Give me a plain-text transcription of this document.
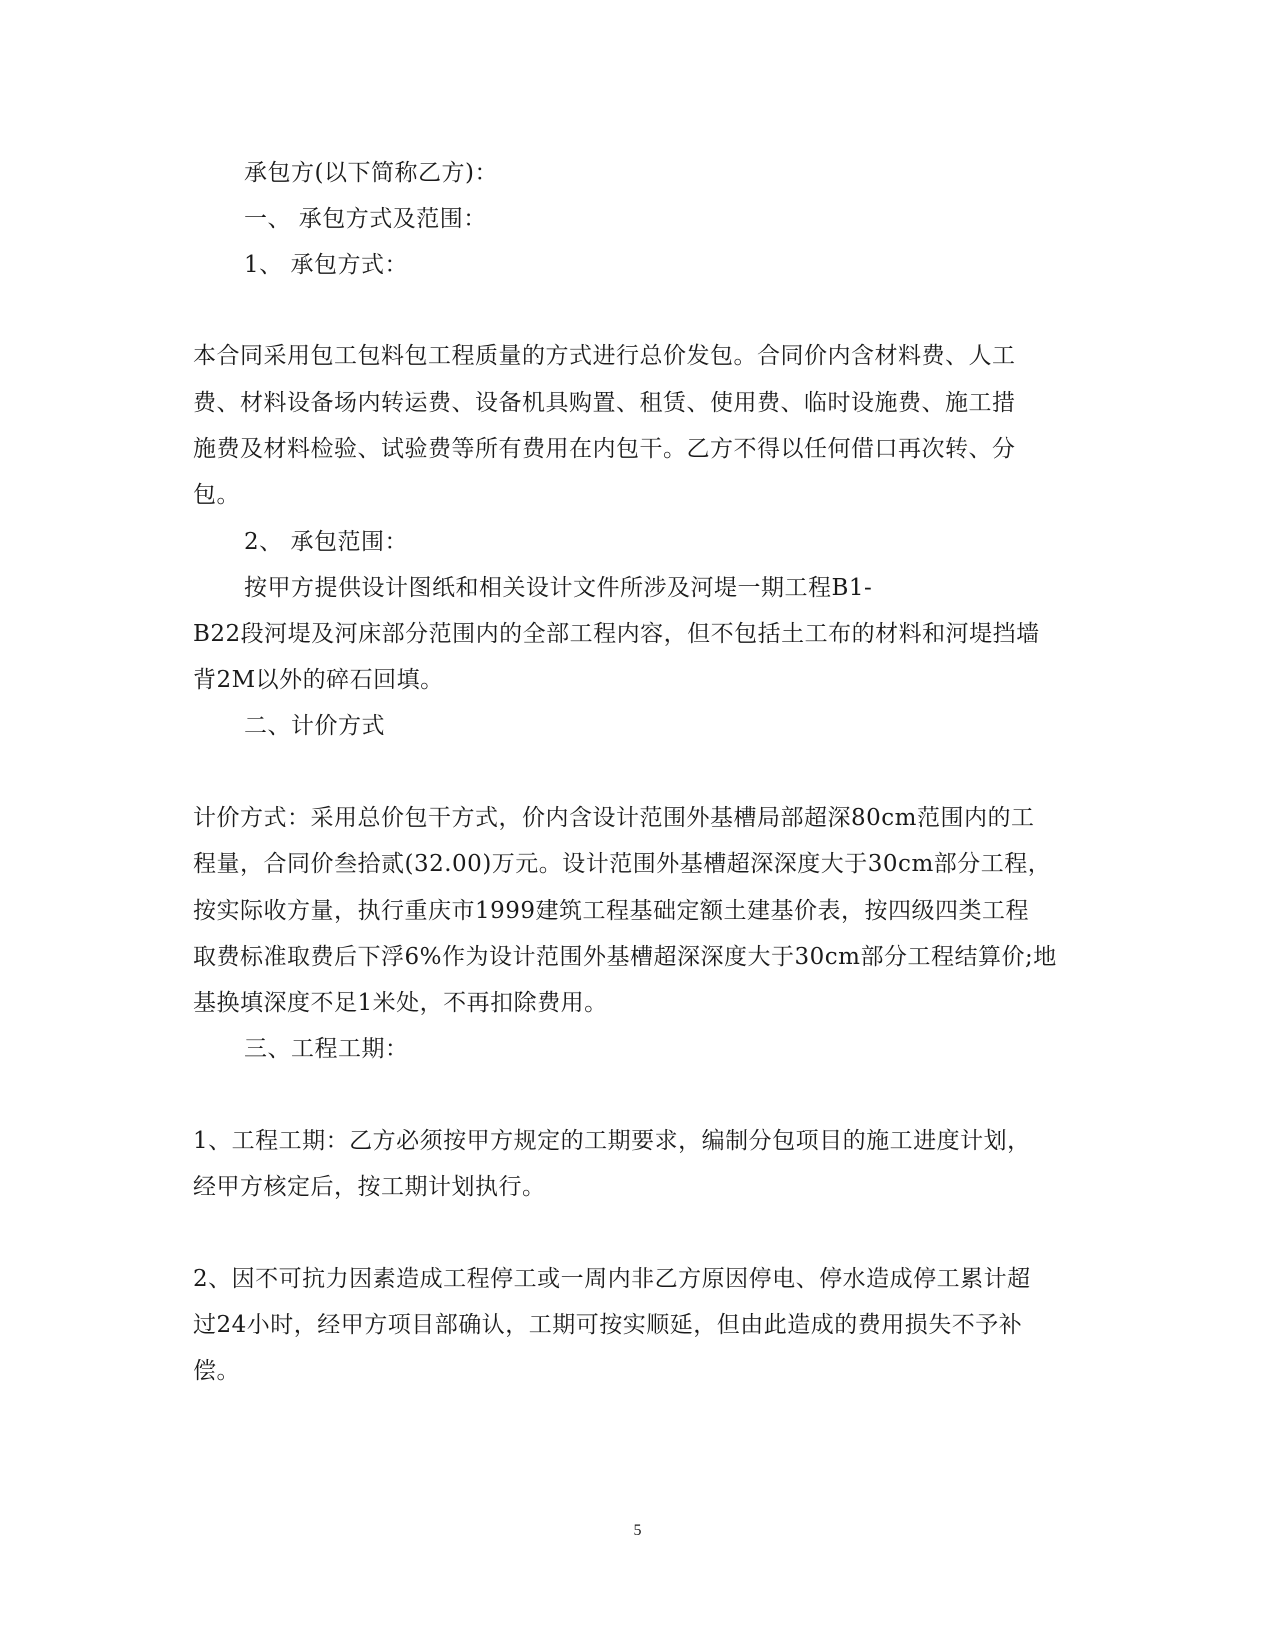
承包方(以下简称乙方)：
一、 承包方式及范围：
1、 承包方式：
本合同采用包工包料包工程质量的方式进行总价发包。合同价内含材料费、人工
费、材料设备场内转运费、设备机具购置、租赁、使用费、临时设施费、施工措
施费及材料检验、试验费等所有费用在内包干。乙方不得以任何借口再次转、分
包。
2、 承包范围：
按甲方提供设计图纸和相关设计文件所涉及河堤一期工程B1-
B22段河堤及河床部分范围内的全部工程内容，但不包括土工布的材料和河堤挡墙
背2M以外的碎石回填。
二、计价方式
计价方式：采用总价包干方式，价内含设计范围外基槽局部超深80cm范围内的工
程量，合同价叁拾贰(32.00)万元。设计范围外基槽超深深度大于30cm部分工程，
按实际收方量，执行重庆市1999建筑工程基础定额土建基价表，按四级四类工程
取费标准取费后下浮6%作为设计范围外基槽超深深度大于30cm部分工程结算价;地
基换填深度不足1米处，不再扣除费用。
三、工程工期：
1、工程工期：乙方必须按甲方规定的工期要求，编制分包项目的施工进度计划，
经甲方核定后，按工期计划执行。
2、因不可抗力因素造成工程停工或一周内非乙方原因停电、停水造成停工累计超
过24小时，经甲方项目部确认，工期可按实顺延，但由此造成的费用损失不予补
偿。
5
